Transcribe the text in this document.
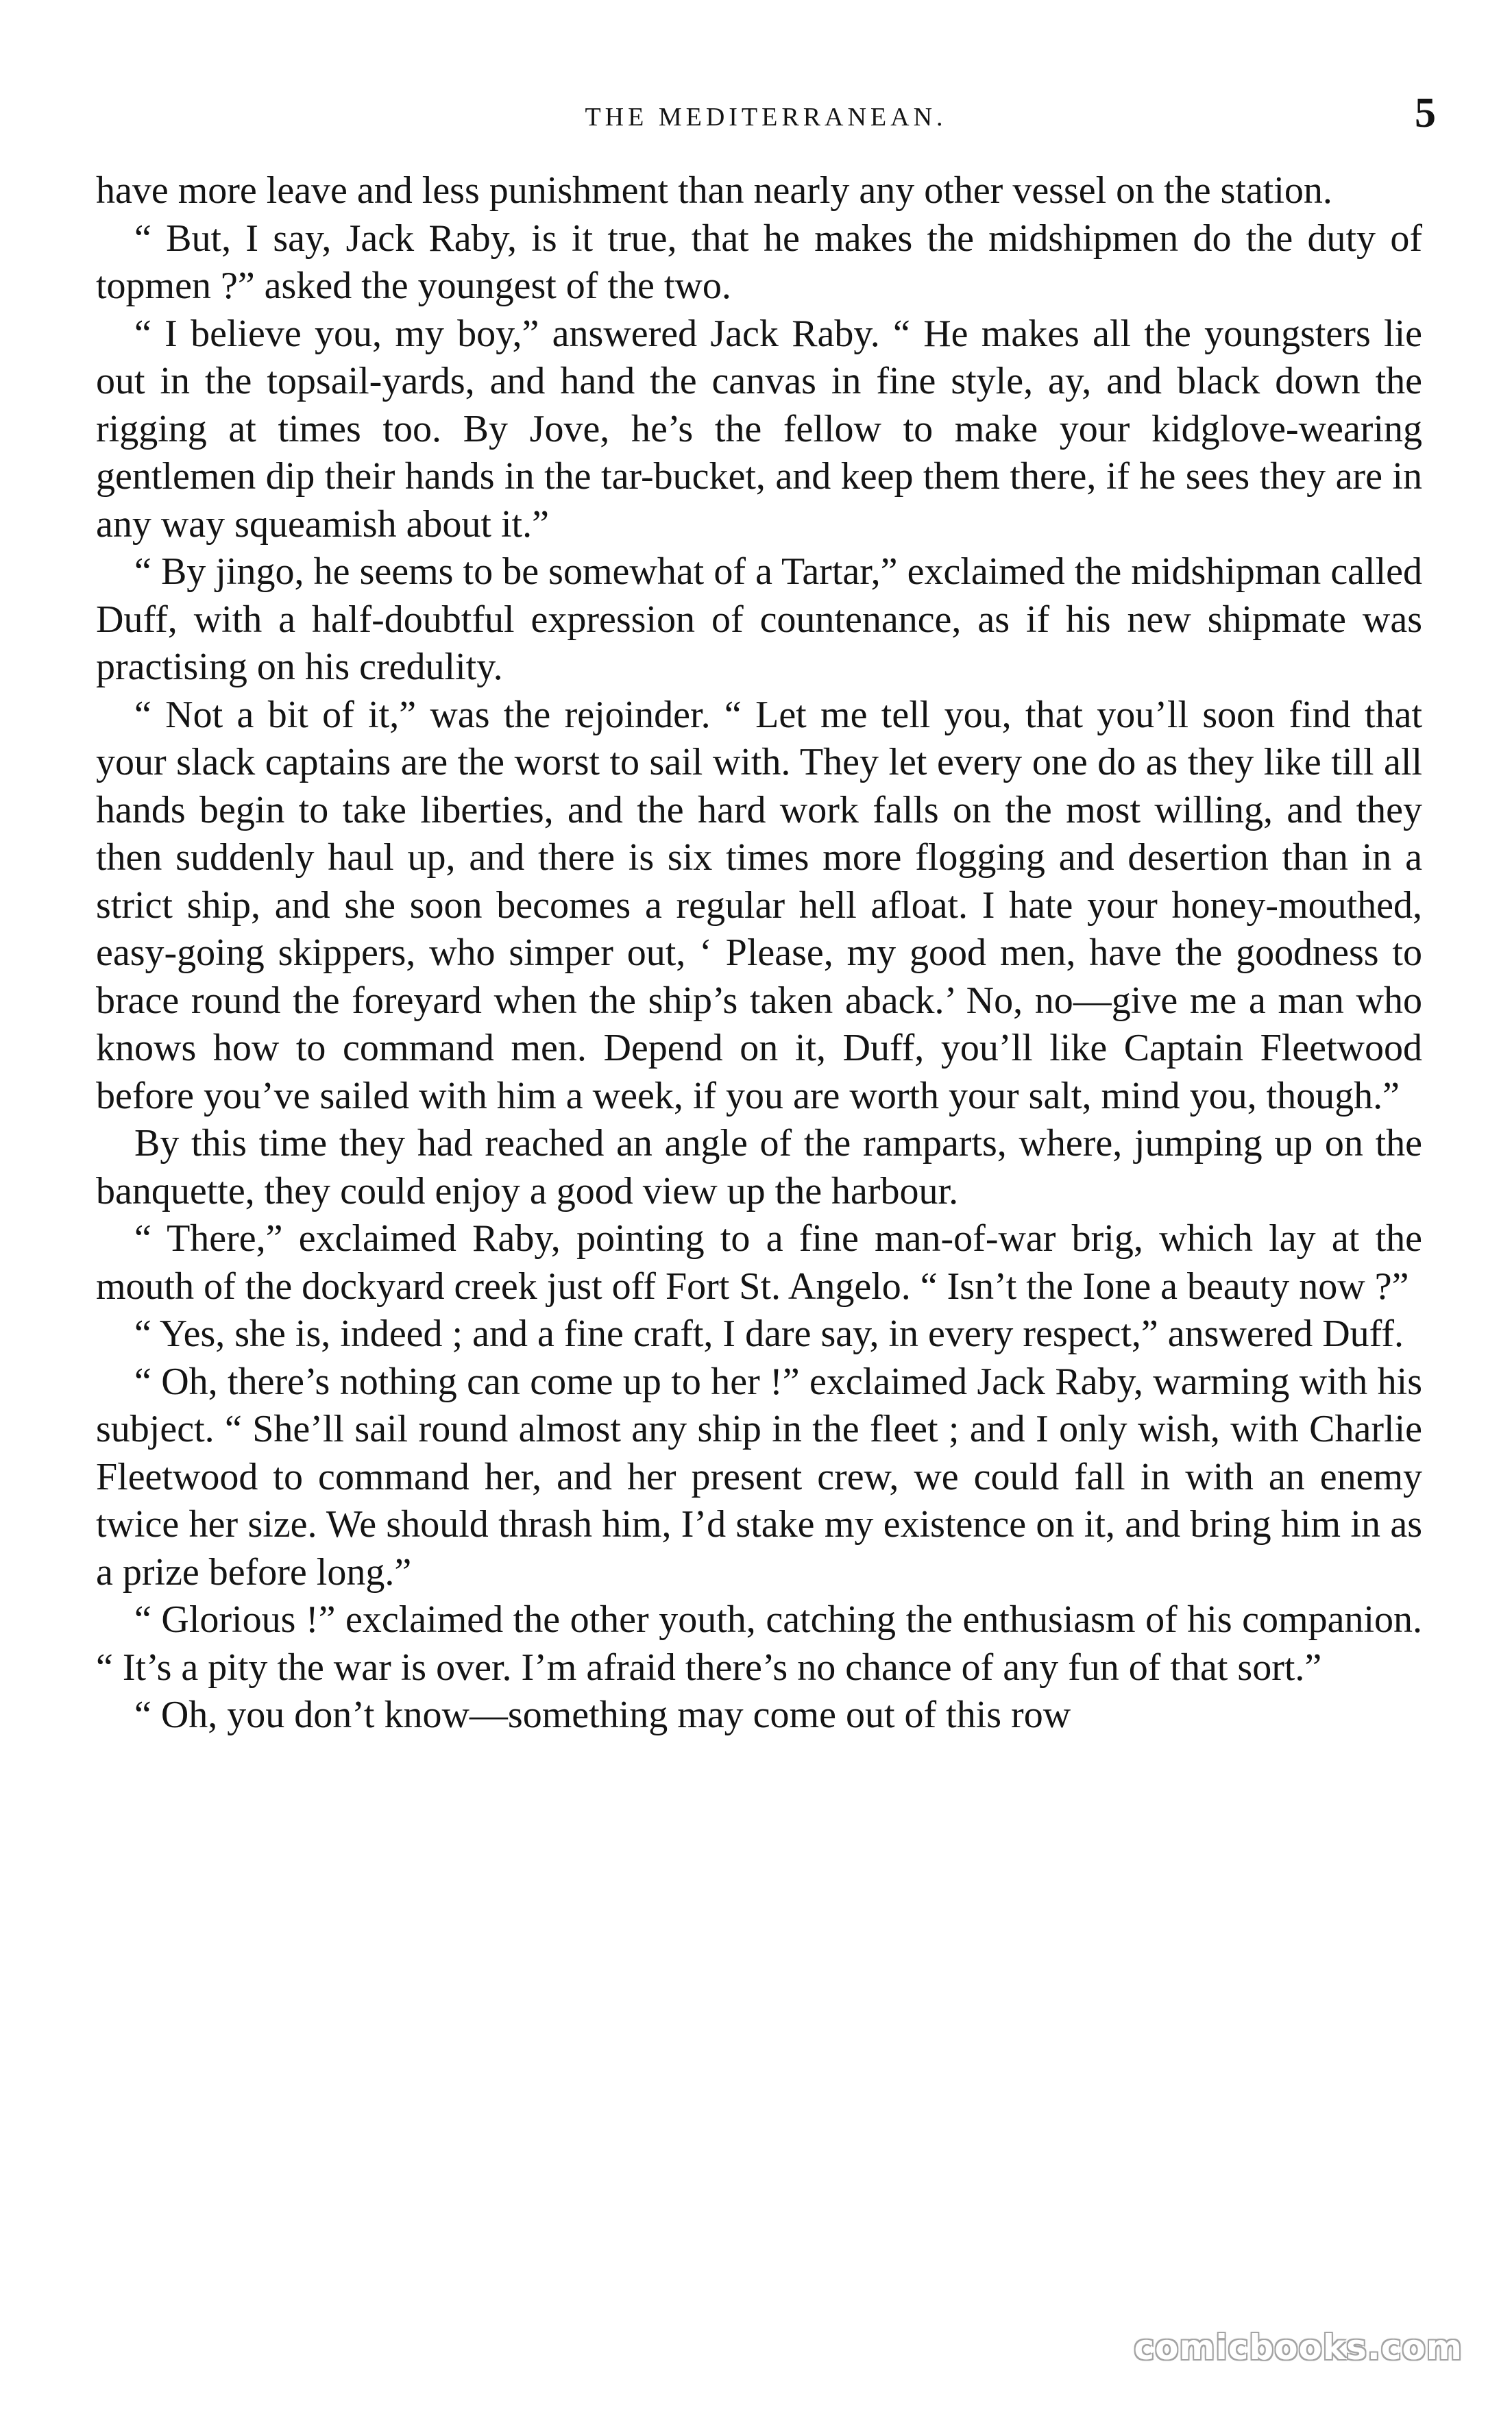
THE MEDITERRANEAN.	5

have more leave and less punishment than nearly any other vessel on the station.

“ But, I say, Jack Raby, is it true, that he makes the midshipmen do the duty of topmen ?” asked the youngest of the two.

“ I believe you, my boy,” answered Jack Raby. “ He makes all the youngsters lie out in the topsail-yards, and hand the canvas in fine style, ay, and black down the rigging at times too. By Jove, he’s the fellow to make your kidglove-wearing gentlemen dip their hands in the tar-bucket, and keep them there, if he sees they are in any way squeamish about it.”

“ By jingo, he seems to be somewhat of a Tartar,” exclaimed the midshipman called Duff, with a half-doubtful expression of countenance, as if his new shipmate was practising on his credulity.

“ Not a bit of it,” was the rejoinder. “ Let me tell you, that you’ll soon find that your slack captains are the worst to sail with. They let every one do as they like till all hands begin to take liberties, and the hard work falls on the most willing, and they then suddenly haul up, and there is six times more flogging and desertion than in a strict ship, and she soon becomes a regular hell afloat. I hate your honey-mouthed, easy-going skippers, who simper out, ‘ Please, my good men, have the goodness to brace round the foreyard when the ship’s taken aback.’ No, no—give me a man who knows how to command men. Depend on it, Duff, you’ll like Captain Fleetwood before you’ve sailed with him a week, if you are worth your salt, mind you, though.”

By this time they had reached an angle of the ramparts, where, jumping up on the banquette, they could enjoy a good view up the harbour.

“ There,” exclaimed Raby, pointing to a fine man-of-war brig, which lay at the mouth of the dockyard creek just off Fort St. Angelo. “ Isn’t the Ione a beauty now ?”

“ Yes, she is, indeed ; and a fine craft, I dare say, in every respect,” answered Duff.

“ Oh, there’s nothing can come up to her !” exclaimed Jack Raby, warming with his subject. “ She’ll sail round almost any ship in the fleet ; and I only wish, with Charlie Fleetwood to command her, and her present crew, we could fall in with an enemy twice her size. We should thrash him, I’d stake my existence on it, and bring him in as a prize before long.”

“ Glorious !” exclaimed the other youth, catching the enthusiasm of his companion. “ It’s a pity the war is over. I’m afraid there’s no chance of any fun of that sort.”

“ Oh, you don’t know—something may come out of this row

comicbooks.com
